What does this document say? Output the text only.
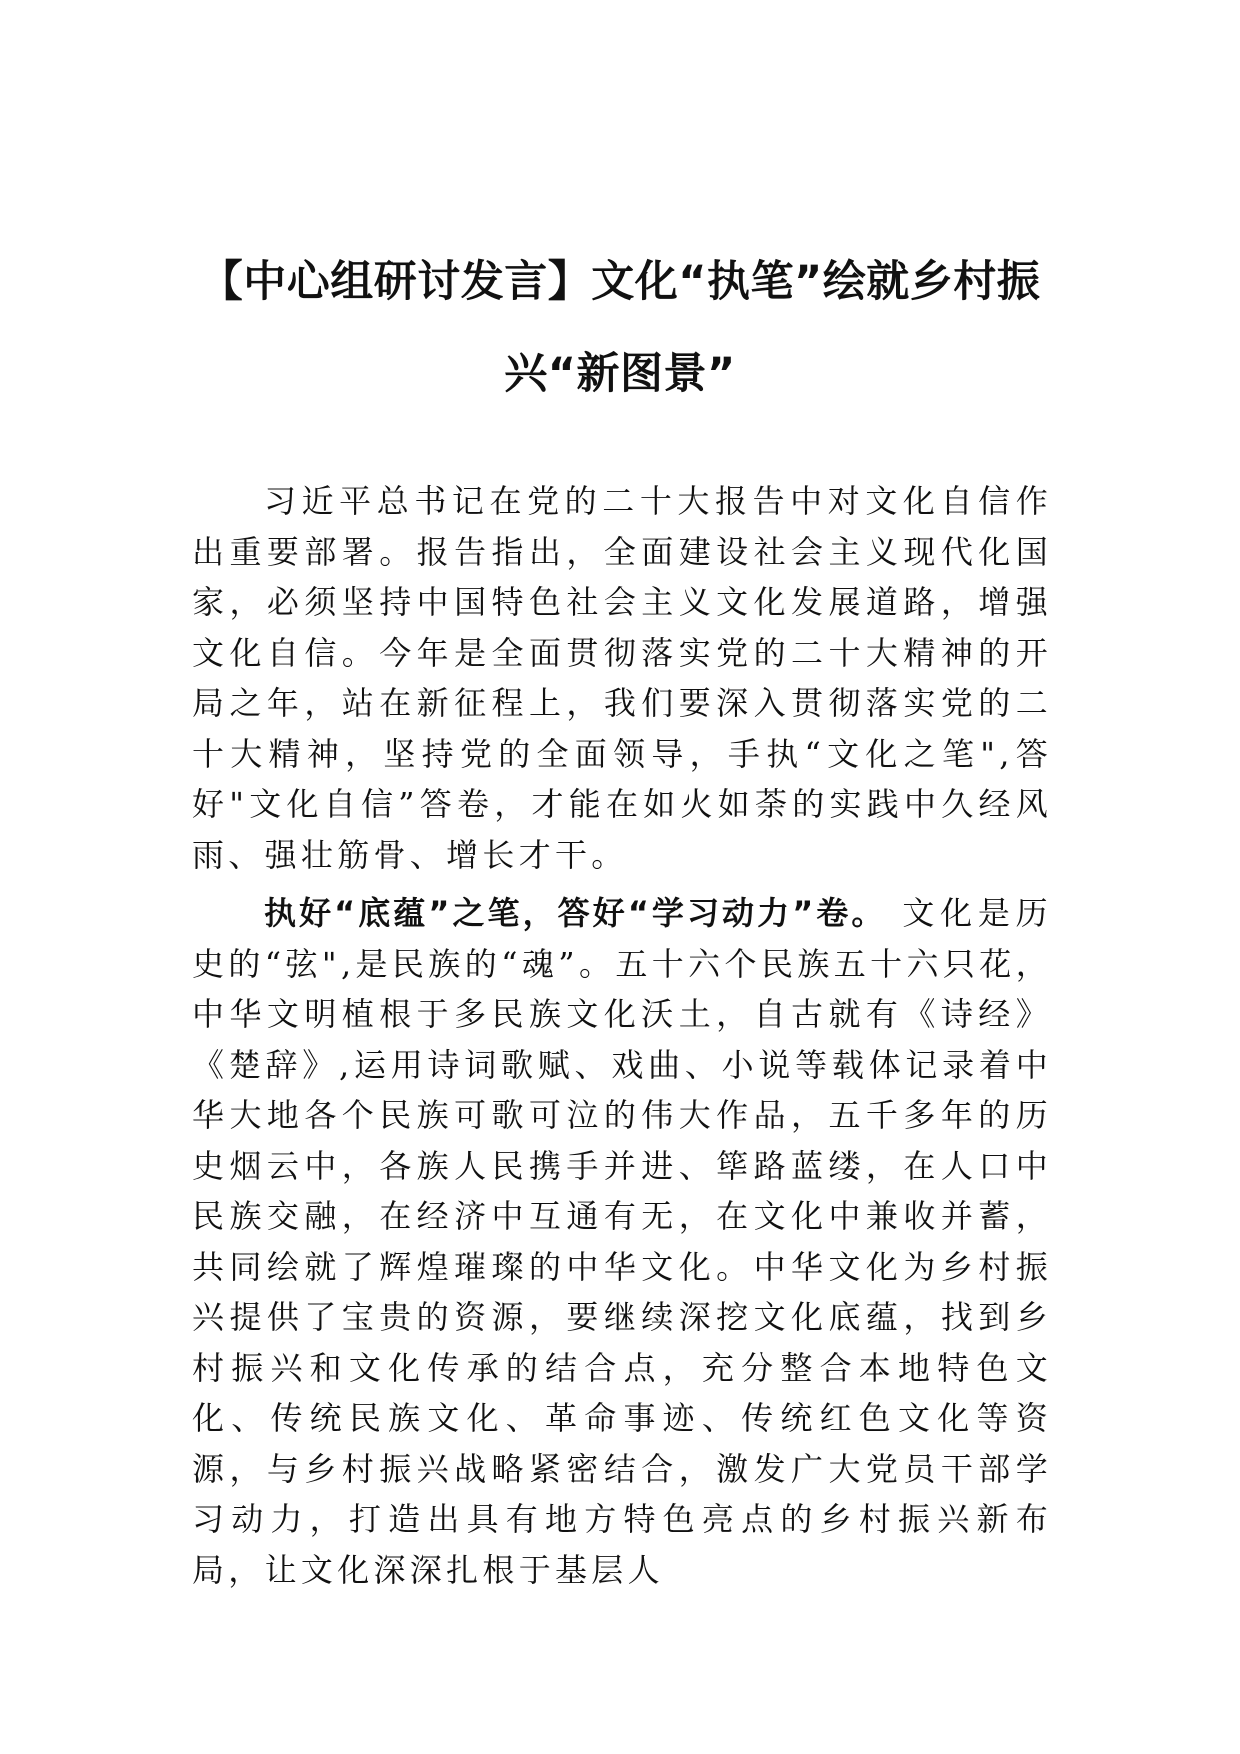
【中心组研讨发言】文化“执笔”绘就乡村振兴“新图景”

习近平总书记在党的二十大报告中对文化自信作出重要部署。报告指出，全面建设社会主义现代化国家，必须坚持中国特色社会主义文化发展道路，增强文化自信。今年是全面贯彻落实党的二十大精神的开局之年，站在新征程上，我们要深入贯彻落实党的二十大精神，坚持党的全面领导，手执“文化之笔",答好"文化自信”答卷，才能在如火如荼的实践中久经风雨、强壮筋骨、增长才干。

执好“底蕴”之笔，答好“学习动力”卷。 文化是历史的“弦",是民族的“魂”。五十六个民族五十六只花，中华文明植根于多民族文化沃土，自古就有《诗经》《楚辞》,运用诗词歌赋、戏曲、小说等载体记录着中华大地各个民族可歌可泣的伟大作品，五千多年的历史烟云中，各族人民携手并进、筚路蓝缕，在人口中民族交融，在经济中互通有无，在文化中兼收并蓄，共同绘就了辉煌璀璨的中华文化。中华文化为乡村振兴提供了宝贵的资源，要继续深挖文化底蕴，找到乡村振兴和文化传承的结合点，充分整合本地特色文化、传统民族文化、革命事迹、传统红色文化等资源，与乡村振兴战略紧密结合，激发广大党员干部学习动力，打造出具有地方特色亮点的乡村振兴新布局，让文化深深扎根于基层人
